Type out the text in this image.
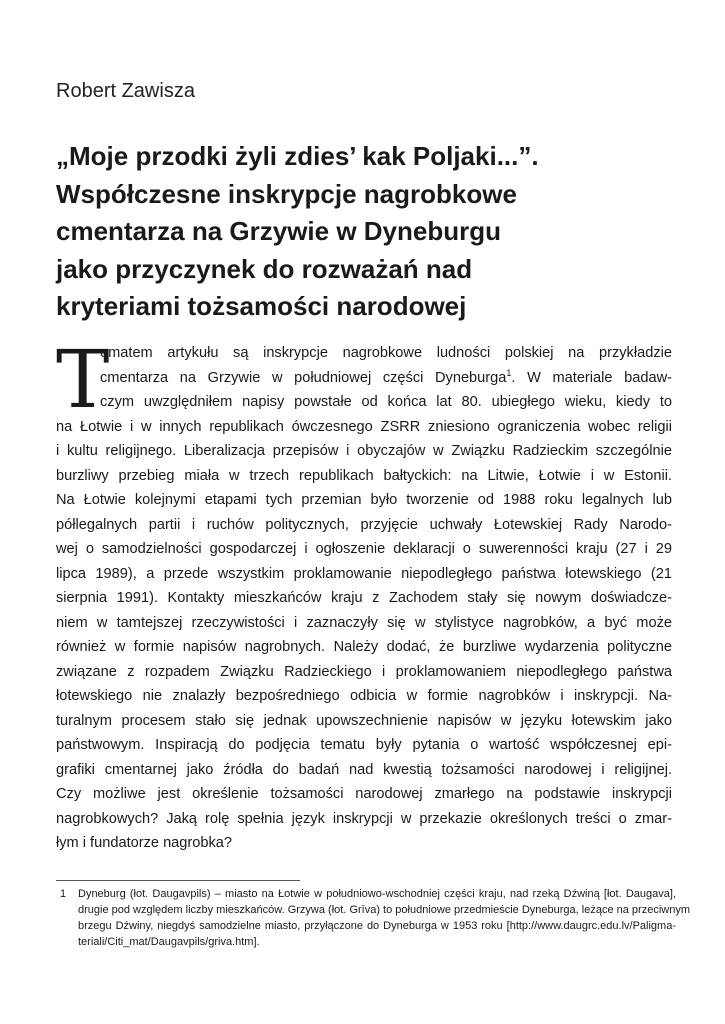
Robert Zawisza
„Moje przodki żyli zdies’ kak Poljaki...”.
Współczesne inskrypcje nagrobkowe
cmentarza na Grzywie w Dyneburgu
jako przyczynek do rozważań nad
kryteriami tożsamości narodowej
T
ematem artykułu są inskrypcje nagrobkowe ludności polskiej na przykładzie
cmentarza na Grzywie w południowej części Dyneburga$^1$. W materiale badaw-
czym uwzględniłem napisy powstałe od końca lat 80. ubiegłego wieku, kiedy to
na Łotwie i w innych republikach ówczesnego ZSRR zniesiono ograniczenia wobec religii
i kultu religijnego. Liberalizacja przepisów i obyczajów w Związku Radzieckim szczególnie
burzliwy przebieg miała w trzech republikach bałtyckich: na Litwie, Łotwie i w Estonii.
Na Łotwie kolejnymi etapami tych przemian było tworzenie od 1988 roku legalnych lub
półlegalnych partii i ruchów politycznych, przyjęcie uchwały Łotewskiej Rady Narodo-
wej o samodzielności gospodarczej i ogłoszenie deklaracji o suwerenności kraju (27 i 29
lipca 1989), a przede wszystkim proklamowanie niepodległego państwa łotewskiego (21
sierpnia 1991). Kontakty mieszkańców kraju z Zachodem stały się nowym doświadcze-
niem w tamtejszej rzeczywistości i zaznaczyły się w stylistyce nagrobków, a być może
również w formie napisów nagrobnych. Należy dodać, że burzliwe wydarzenia polityczne
związane z rozpadem Związku Radzieckiego i proklamowaniem niepodległego państwa
łotewskiego nie znalazły bezpośredniego odbicia w formie nagrobków i inskrypcji. Na-
turalnym procesem stało się jednak upowszechnienie napisów w języku łotewskim jako
państwowym. Inspiracją do podjęcia tematu były pytania o wartość współczesnej epi-
grafiki cmentarnej jako źródła do badań nad kwestią tożsamości narodowej i religijnej.
Czy możliwe jest określenie tożsamości narodowej zmarłego na podstawie inskrypcji
nagrobkowych? Jaką rolę spełnia język inskrypcji w przekazie określonych treści o zmar-
łym i fundatorze nagrobka?
1	Dyneburg (łot. Daugavpils) – miasto na Łotwie w południowo-wschodniej części kraju, nad rzeką Dźwiną [łot. Daugava],
drugie pod względem liczby mieszkańców. Grzywa (łot. Grīva) to południowe przedmieście Dyneburga, leżące na przeciwnym
brzegu Dźwiny, niegdyś samodzielne miasto, przyłączone do Dyneburga w 1953 roku [http://www.daugrc.edu.lv/Paligma-
teriali/Citi_mat/Daugavpils/griva.htm].
